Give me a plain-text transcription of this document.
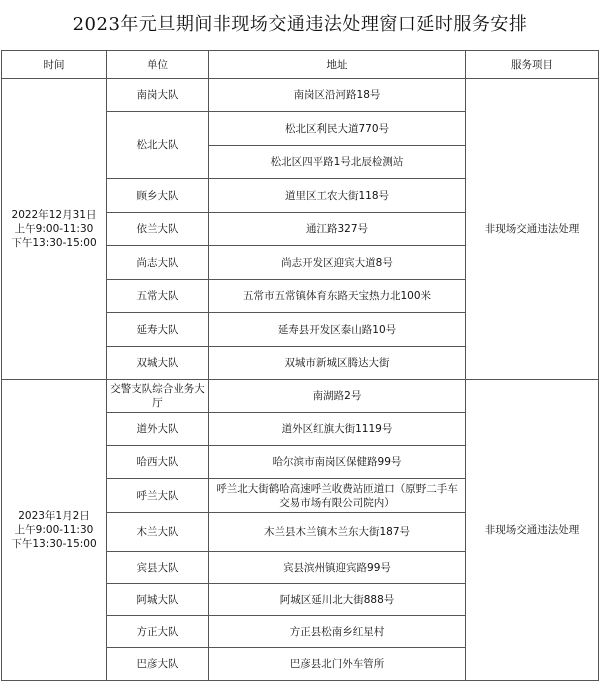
2023年元旦期间非现场交通违法处理窗口延时服务安排
时间	单位	地址	服务项目

2022年12月31日
上午9:00-11:30
下午13:30-15:00	南岗大队	南岗区沿河路18号	非现场交通违法处理
	松北大队	松北区利民大道770号	
		松北区四平路1号北辰检测站	
	顾乡大队	道里区工农大街118号	
	依兰大队	通江路327号	
	尚志大队	尚志开发区迎宾大道8号	
	五常大队	五常市五常镇体育东路天宝热力北100米	
	延寿大队	延寿县开发区泰山路10号	
	双城大队	双城市新城区腾达大街	

2023年1月2日
上午9:00-11:30
下午13:30-15:00	交警支队综合业务大厅	南湖路2号	非现场交通违法处理
	道外大队	道外区红旗大街1119号	
	哈西大队	哈尔滨市南岗区保健路99号	
	呼兰大队	呼兰北大街鹤哈高速呼兰收费站匝道口（原野二手车交易市场有限公司院内）	
	木兰大队	木兰县木兰镇木兰东大街187号	
	宾县大队	宾县滨州镇迎宾路99号	
	阿城大队	阿城区延川北大街888号	
	方正大队	方正县松南乡红星村	
	巴彦大队	巴彦县北门外车管所	
